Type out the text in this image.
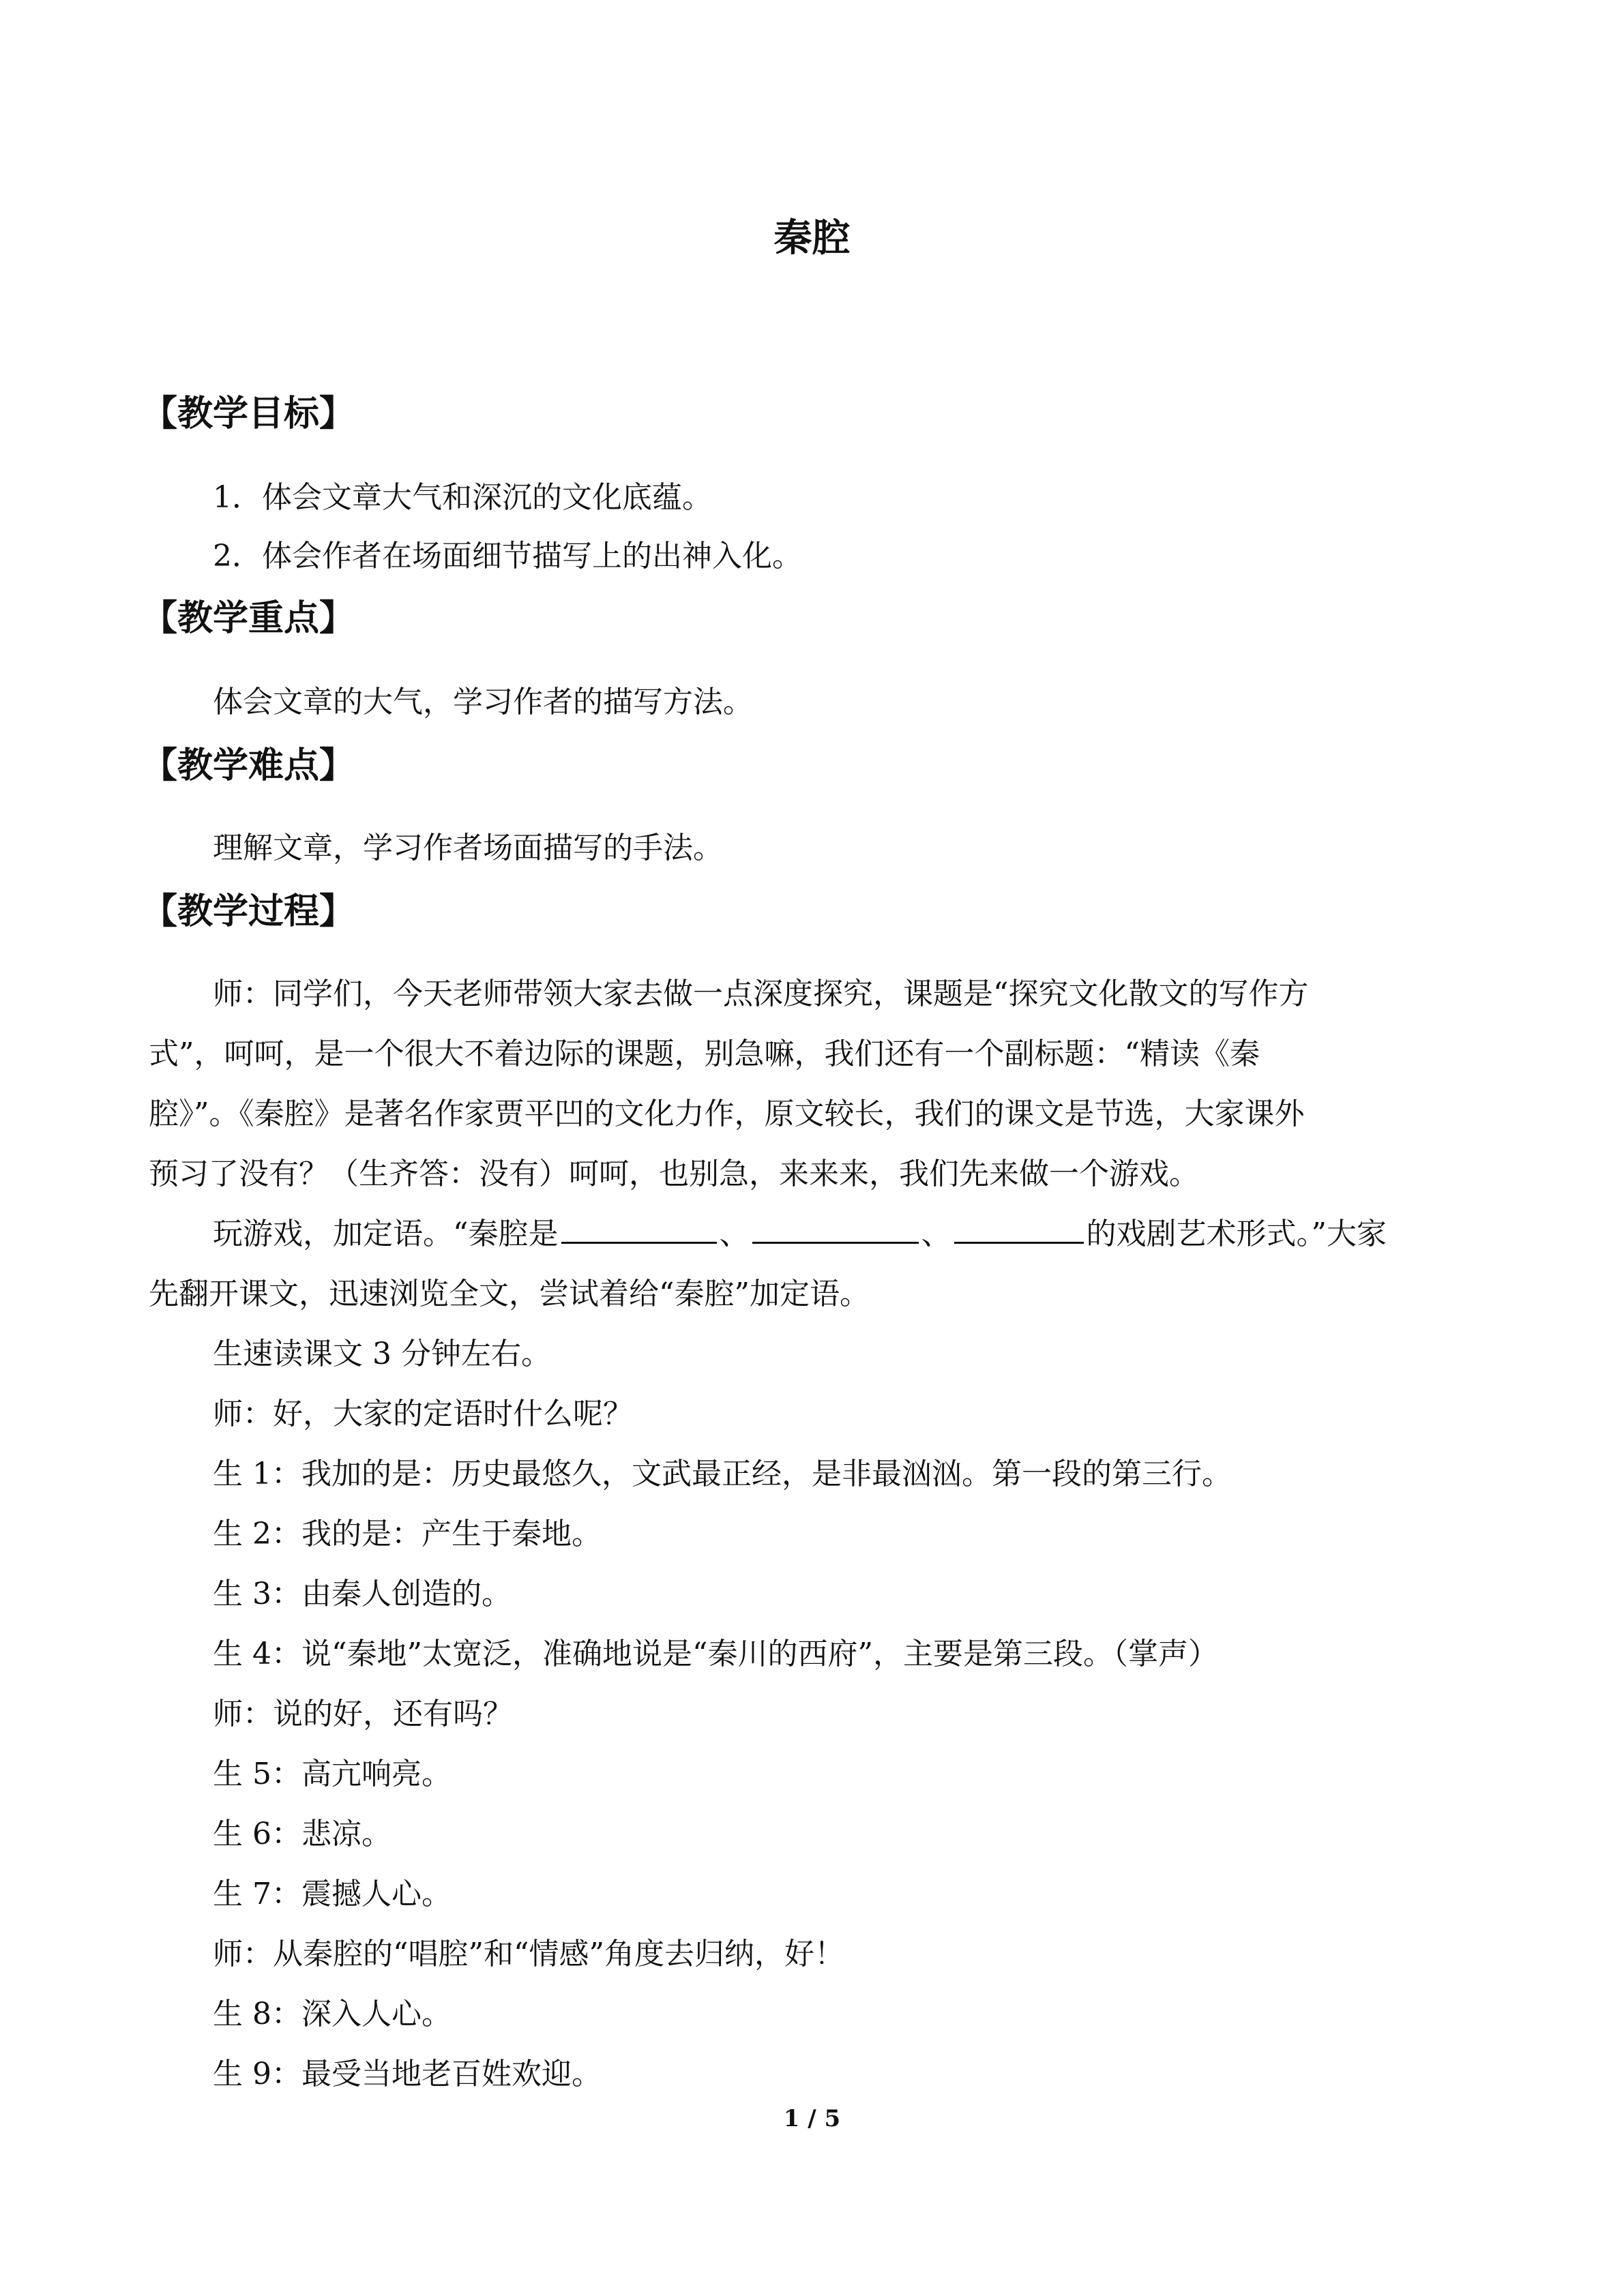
秦腔
【教学目标】
1．体会文章大气和深沉的文化底蕴。
2．体会作者在场面细节描写上的出神入化。
【教学重点】
体会文章的大气，学习作者的描写方法。
【教学难点】
理解文章，学习作者场面描写的手法。
【教学过程】
师：同学们，今天老师带领大家去做一点深度探究，课题是“探究文化散文的写作方
式”，呵呵，是一个很大不着边际的课题，别急嘛，我们还有一个副标题：“精读《秦
腔》”。《秦腔》是著名作家贾平凹的文化力作，原文较长，我们的课文是节选，大家课外
预习了没有？（生齐答：没有）呵呵，也别急，来来来，我们先来做一个游戏。
玩游戏，加定语。“秦腔是	、	、	的戏剧艺术形式。”大家
先翻开课文，迅速浏览全文，尝试着给“秦腔”加定语。
生速读课文 3 分钟左右。
师：好，大家的定语时什么呢？
生 1：我加的是：历史最悠久，文武最正经，是非最汹汹。第一段的第三行。
生 2：我的是：产生于秦地。
生 3：由秦人创造的。
生 4：说“秦地”太宽泛，准确地说是“秦川的西府”，主要是第三段。（掌声）
师：说的好，还有吗？
生 5：高亢响亮。
生 6：悲凉。
生 7：震撼人心。
师：从秦腔的“唱腔”和“情感”角度去归纳，好！
生 8：深入人心。
生 9：最受当地老百姓欢迎。
1 / 5
